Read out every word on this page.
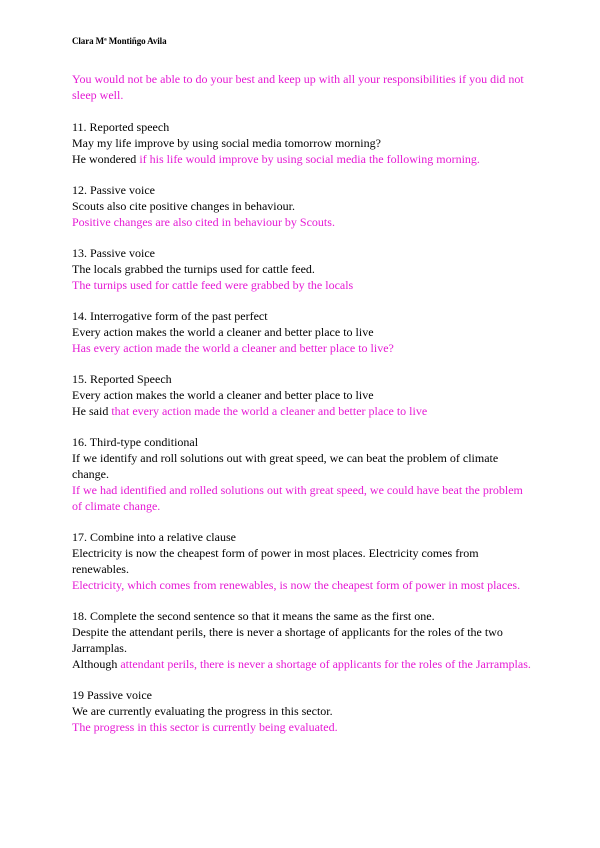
Clara Mª Montiñgo Avila
You would not be able to do your best and keep up with all your responsibilities if you did not sleep well.
11. Reported speech
May my life improve by using social media tomorrow morning?
He wondered if his life would improve by using social media the following morning.
12. Passive voice
Scouts also cite positive changes in behaviour.
Positive changes are also cited in behaviour by Scouts.
13. Passive voice
The locals grabbed the turnips used for cattle feed.
The turnips used for cattle feed were grabbed by the locals
14. Interrogative form of the past perfect
Every action makes the world a cleaner and better place to live
Has every action made the world a cleaner and better place to live?
15. Reported Speech
Every action makes the world a cleaner and better place to live
He said that every action made the world a cleaner and better place to live
16. Third-type conditional
If we identify and roll solutions out with great speed, we can beat the problem of climate change.
If we had identified and rolled solutions out with great speed, we could have beat the problem of climate change.
17. Combine into a relative clause
Electricity is now the cheapest form of power in most places. Electricity comes from renewables.
Electricity, which comes from renewables, is now the cheapest form of power in most places.
18. Complete the second sentence so that it means the same as the first one.
Despite the attendant perils, there is never a shortage of applicants for the roles of the two Jarramplas.
Although attendant perils, there is never a shortage of applicants for the roles of the Jarramplas.
19 Passive voice
We are currently evaluating the progress in this sector.
The progress in this sector is currently being evaluated.
